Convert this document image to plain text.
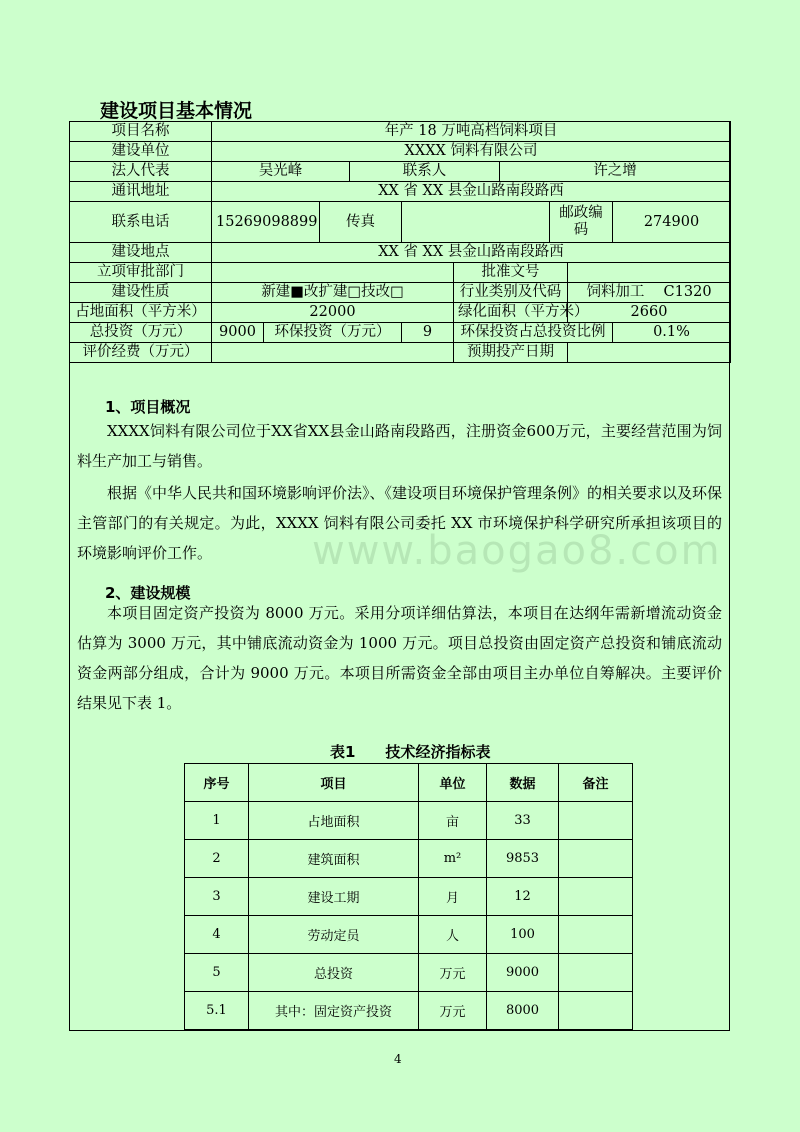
建设项目基本情况
项目名称	年产 18 万吨高档饲料项目									
建设单位	XXXX 饲料有限公司									
法人代表	吴光峰			联系人			许之增			
通讯地址	XX 省 XX 县金山路南段路西									
联系电话	15269098899		传真					邮政编码		274900
建设地点	XX 省 XX 县金山路南段路西									
立项审批部门						批准文号				
建设性质	新建■改扩建□技改□					行业类别及代码			饲料加工　 C1320	
占地面积（平方米）	22000					绿化面积（平方米）			2660	
总投资（万元）	9000	环保投资（万元）			9	环保投资占总投资比例				0.1%
评价经费（万元）						预期投产日期				

1、项目概况

XXXX饲料有限公司位于XX省XX县金山路南段路西，注册资金600万元，主要经营范围为饲料生产加工与销售。

根据《中华人民共和国环境影响评价法》、《建设项目环境保护管理条例》的相关要求以及环保主管部门的有关规定。为此，XXXX 饲料有限公司委托 XX 市环境保护科学研究所承担该项目的环境影响评价工作。

2、建设规模

本项目固定资产投资为 8000 万元。采用分项详细估算法，本项目在达纲年需新增流动资金估算为 3000 万元，其中铺底流动资金为 1000 万元。项目总投资由固定资产总投资和铺底流动资金两部分组成，合计为 9000 万元。本项目所需资金全部由项目主办单位自筹解决。主要评价结果见下表 1。

www.baogao8.com
表1　　技术经济指标表
序号	项目	单位	数据	备注
1	占地面积	亩	33	
2	建筑面积	m²	9853	
3	建设工期	月	12	
4	劳动定员	人	100	
5	总投资	万元	9000	
5.1	其中：固定资产投资	万元	8000	
4
